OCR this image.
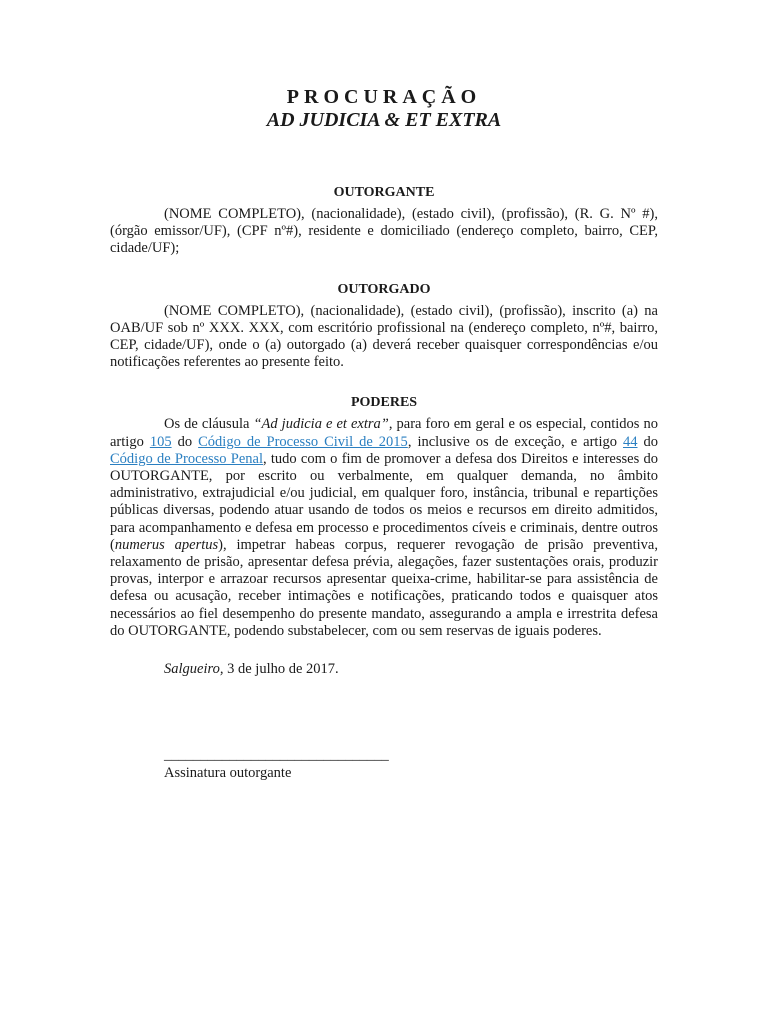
PROCURAÇÃO
AD JUDICIA & ET EXTRA
OUTORGANTE

(NOME COMPLETO), (nacionalidade), (estado civil), (profissão), (R. G. Nº #), (órgão emissor/UF), (CPF nº#), residente e domiciliado (endereço completo, bairro, CEP, cidade/UF);

OUTORGADO

(NOME COMPLETO), (nacionalidade), (estado civil), (profissão), inscrito (a) na OAB/UF sob nº XXX. XXX, com escritório profissional na (endereço completo, nº#, bairro, CEP, cidade/UF), onde o (a) outorgado (a) deverá receber quaisquer correspondências e/ou notificações referentes ao presente feito.

PODERES

Os de cláusula “Ad judicia e et extra”, para foro em geral e os especial, contidos no artigo 105 do Código de Processo Civil de 2015, inclusive os de exceção, e artigo 44 do Código de Processo Penal, tudo com o fim de promover a defesa dos Direitos e interesses do OUTORGANTE, por escrito ou verbalmente, em qualquer demanda, no âmbito administrativo, extrajudicial e/ou judicial, em qualquer foro, instância, tribunal e repartições públicas diversas, podendo atuar usando de todos os meios e recursos em direito admitidos, para acompanhamento e defesa em processo e procedimentos cíveis e criminais, dentre outros (numerus apertus), impetrar habeas corpus, requerer revogação de prisão preventiva, relaxamento de prisão, apresentar defesa prévia, alegações, fazer sustentações orais, produzir provas, interpor e arrazoar recursos apresentar queixa-crime, habilitar-se para assistência de defesa ou acusação, receber intimações e notificações, praticando todos e quaisquer atos necessários ao fiel desempenho do presente mandato, assegurando a ampla e irrestrita defesa do OUTORGANTE, podendo substabelecer, com ou sem reservas de iguais poderes.

Salgueiro, 3 de julho de 2017.

_______________________________

Assinatura outorgante
